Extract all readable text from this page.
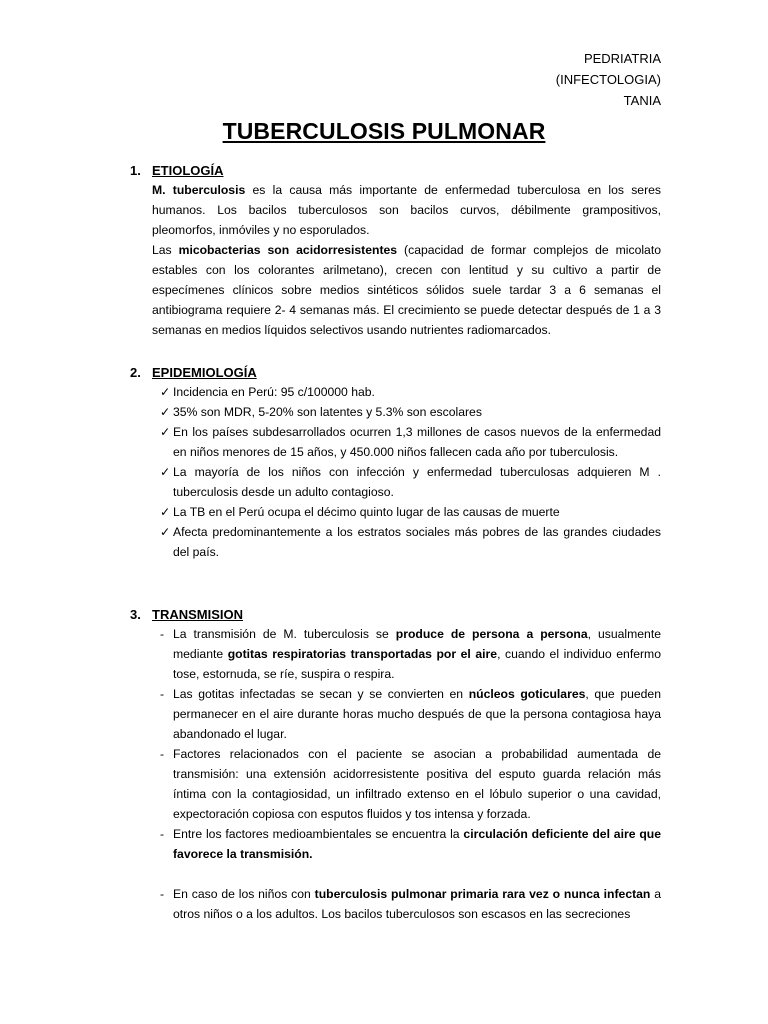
PEDRIATRIA
(INFECTOLOGIA)
TANIA
TUBERCULOSIS PULMONAR
1. ETIOLOGÍA

M. tuberculosis es la causa más importante de enfermedad tuberculosa en los seres humanos. Los bacilos tuberculosos son bacilos curvos, débilmente grampositivos, pleomorfos, inmóviles y no esporulados.

Las micobacterias son acidorresistentes (capacidad de formar complejos de micolato estables con los colorantes arilmetano), crecen con lentitud y su cultivo a partir de especímenes clínicos sobre medios sintéticos sólidos suele tardar 3 a 6 semanas el antibiograma requiere 2- 4 semanas más. El crecimiento se puede detectar después de 1 a 3 semanas en medios líquidos selectivos usando nutrientes radiomarcados.

2. EPIDEMIOLOGÍA
✓ Incidencia en Perú: 95 c/100000 hab.
✓ 35% son MDR, 5-20% son latentes y 5.3% son escolares
✓ En los países subdesarrollados ocurren 1,3 millones de casos nuevos de la enfermedad en niños menores de 15 años, y 450.000 niños fallecen cada año por tuberculosis.
✓ La mayoría de los niños con infección y enfermedad tuberculosas adquieren M . tuberculosis desde un adulto contagioso.
✓ La TB en el Perú ocupa el décimo quinto lugar de las causas de muerte
✓ Afecta predominantemente a los estratos sociales más pobres de las grandes ciudades del país.
3. TRANSMISION
- La transmisión de M. tuberculosis se produce de persona a persona, usualmente mediante gotitas respiratorias transportadas por el aire, cuando el individuo enfermo tose, estornuda, se ríe, suspira o respira.
- Las gotitas infectadas se secan y se convierten en núcleos goticulares, que pueden permanecer en el aire durante horas mucho después de que la persona contagiosa haya abandonado el lugar.
- Factores relacionados con el paciente se asocian a probabilidad aumentada de transmisión: una extensión acidorresistente positiva del esputo guarda relación más íntima con la contagiosidad, un infiltrado extenso en el lóbulo superior o una cavidad, expectoración copiosa con esputos fluidos y tos intensa y forzada.
- Entre los factores medioambientales se encuentra la circulación deficiente del aire que favorece la transmisión.
- En caso de los niños con tuberculosis pulmonar primaria rara vez o nunca infectan a otros niños o a los adultos. Los bacilos tuberculosos son escasos en las secreciones
